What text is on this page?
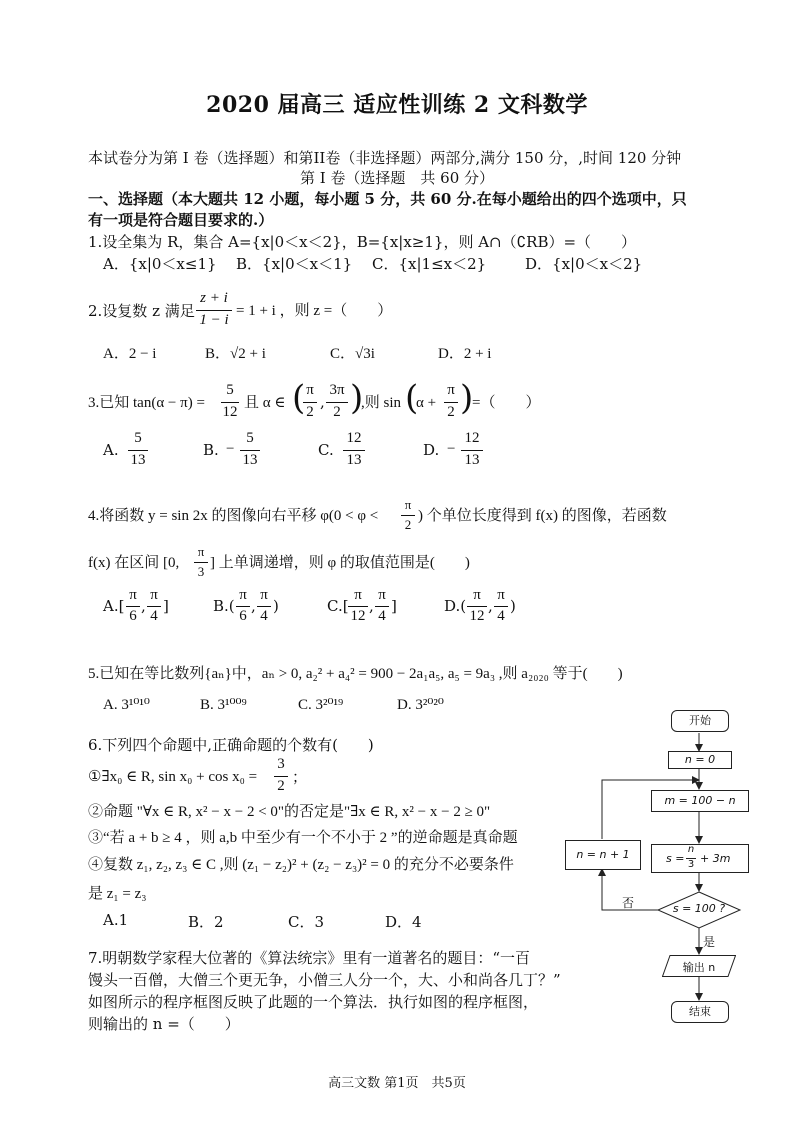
2020 届高三 适应性训练 2 文科数学
本试卷分为第 I 卷（选择题）和第II卷（非选择题）两部分,满分 150 分，,时间 120 分钟
第 I 卷（选择题　共 60 分）
一、选择题（本大题共 12 小题，每小题 5 分，共 60 分.在每小题给出的四个选项中，只
有一项是符合题目要求的.）
1.设全集为 R，集合 A={x|0＜x＜2}，B={x|x≥1}，则 A∩（∁RB）=（　　）
A．{x|0＜x≤1} B．{x|0＜x＜1} C．{x|1≤x＜2}	D．{x|0＜x＜2}
2.设复数 z 满足
z + i
1 − i
= 1 + i ，则 z =（　　）
A．2 − i	B．√2 + i	C．√3i	D．2 + i
3.已知 tan(α − π) =
5
12
且 α ∈ ( π
2
,
3π
2 )
,则 sin (
α +
π
2 )
=（　　）
A.
5
13
B. −
5
13
C.
12
13
D. −
12
13
4.将函数 y = sin 2x 的图像向右平移 φ(0 < φ <
π
2
) 个单位长度得到 f(x) 的图像，若函数
f(x) 在区间 [0,
π
3
] 上单调递增，则 φ 的取值范围是(　　)
A.[
π
6
,
π
4
]	B.(
π
6
,
π
4
)	C.[
π
12
,
π
4
]	D.(
π
12
,
π
4
)
5.已知在等比数列{aₙ}中，aₙ > 0, a₂² + a₄² = 900 − 2a₁a₅, a₅ = 9a₃ ,则 a₂₀₂₀ 等于(　　)
A. 3¹⁰¹⁰	B. 3¹⁰⁰⁹	C. 3²⁰¹⁹	D. 3²⁰²⁰
6.下列四个命题中,正确命题的个数有(　　)
①∃x₀ ∈ R, sin x₀ + cos x₀ =
3
2 ；
②命题 "∀x ∈ R, x² − x − 2 < 0"的否定是"∃x ∈ R, x² − x − 2 ≥ 0"
③“若 a + b ≥ 4 ，则 a,b 中至少有一个不小于 2 ”的逆命题是真命题
④复数 z₁, z₂, z₃ ∈ C ,则 (z₁ − z₂)² + (z₂ − z₃)² = 0 的充分不必要条件
是 z₁ = z₃
A.1	B．2	C．3	D．4
7.明朝数学家程大位著的《算法统宗》里有一道著名的题目：“一百
馒头一百僧，大僧三个更无争，小僧三人分一个，大、小和尚各几丁？”
如图所示的程序框图反映了此题的一个算法．执行如图的程序框图，
则输出的 n =（　　）
开始
n = 0
m = 100 − n
s =
n
3 + 3m
n = n + 1
s = 100 ?
否
是
输出 n
结束
高三文数 第1页　共5页
